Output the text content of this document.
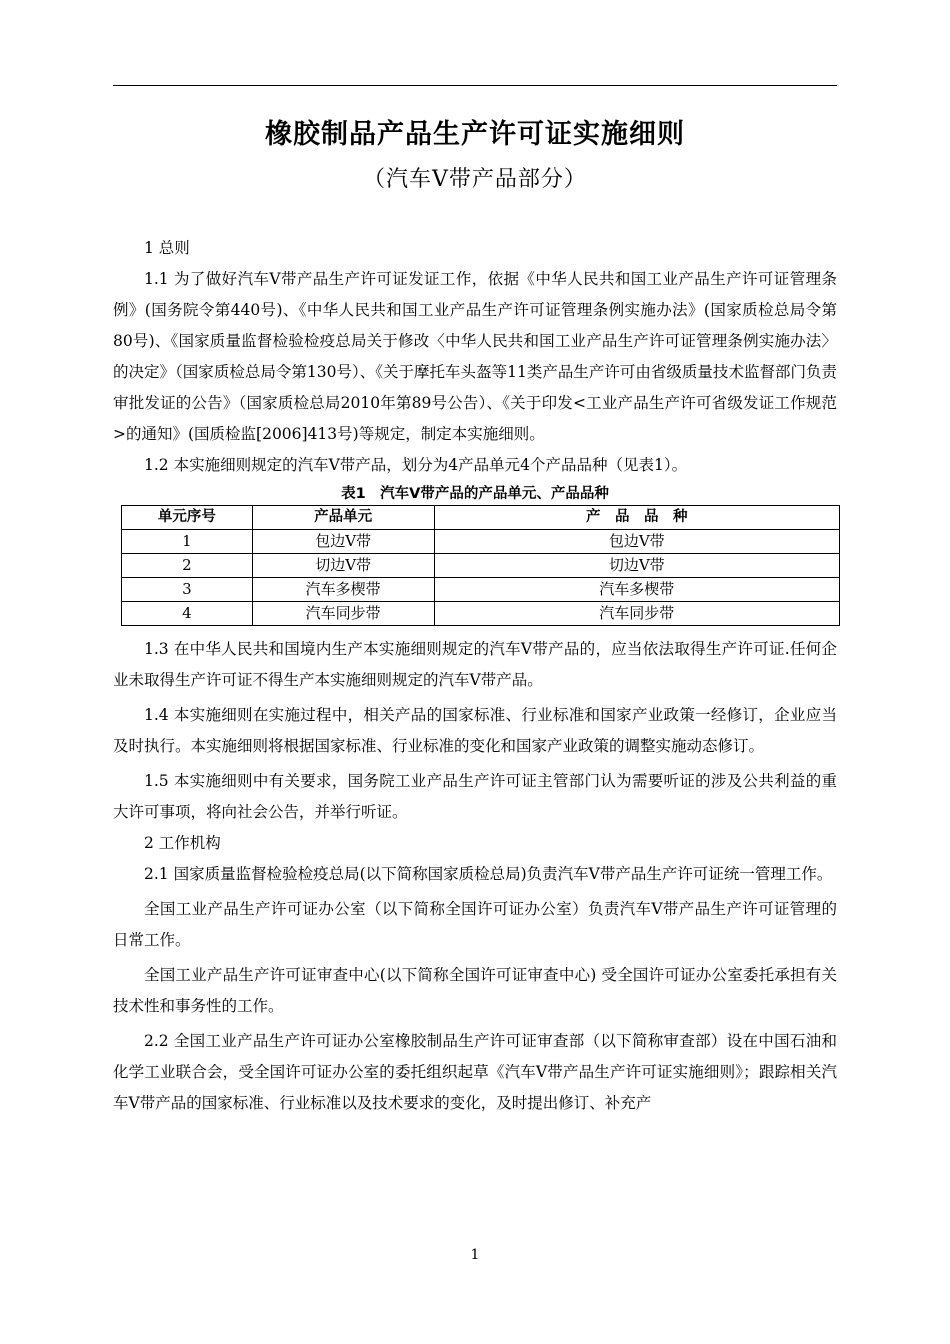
橡胶制品产品生产许可证实施细则
（汽车V带产品部分）

1 总则

1.1 为了做好汽车V带产品生产许可证发证工作，依据《中华人民共和国工业产品生产许可证管理条例》(国务院令第440号)、《中华人民共和国工业产品生产许可证管理条例实施办法》(国家质检总局令第80号)、《国家质量监督检验检疫总局关于修改〈中华人民共和国工业产品生产许可证管理条例实施办法〉的决定》（国家质检总局令第130号）、《关于摩托车头盔等11类产品生产许可由省级质量技术监督部门负责审批发证的公告》（国家质检总局2010年第89号公告）、《关于印发<工业产品生产许可省级发证工作规范>的通知》(国质检监[2006]413号)等规定，制定本实施细则。

1.2 本实施细则规定的汽车V带产品，划分为4产品单元4个产品品种（见表1）。

表1　汽车V带产品的产品单元、产品品种
单元序号	产品单元	产　品　品　种
1	包边V带	包边V带
2	切边V带	切边V带
3	汽车多楔带	汽车多楔带
4	汽车同步带	汽车同步带

1.3 在中华人民共和国境内生产本实施细则规定的汽车V带产品的，应当依法取得生产许可证.任何企业未取得生产许可证不得生产本实施细则规定的汽车V带产品。

1.4 本实施细则在实施过程中，相关产品的国家标准、行业标准和国家产业政策一经修订，企业应当及时执行。本实施细则将根据国家标准、行业标准的变化和国家产业政策的调整实施动态修订。

1.5 本实施细则中有关要求，国务院工业产品生产许可证主管部门认为需要听证的涉及公共利益的重大许可事项，将向社会公告，并举行听证。

2 工作机构

2.1 国家质量监督检验检疫总局(以下简称国家质检总局)负责汽车V带产品生产许可证统一管理工作。

全国工业产品生产许可证办公室（以下简称全国许可证办公室）负责汽车V带产品生产许可证管理的日常工作。

全国工业产品生产许可证审查中心(以下简称全国许可证审查中心) 受全国许可证办公室委托承担有关技术性和事务性的工作。

2.2 全国工业产品生产许可证办公室橡胶制品生产许可证审查部（以下简称审查部）设在中国石油和化学工业联合会，受全国许可证办公室的委托组织起草《汽车V带产品生产许可证实施细则》；跟踪相关汽车V带产品的国家标准、行业标准以及技术要求的变化，及时提出修订、补充产

1
